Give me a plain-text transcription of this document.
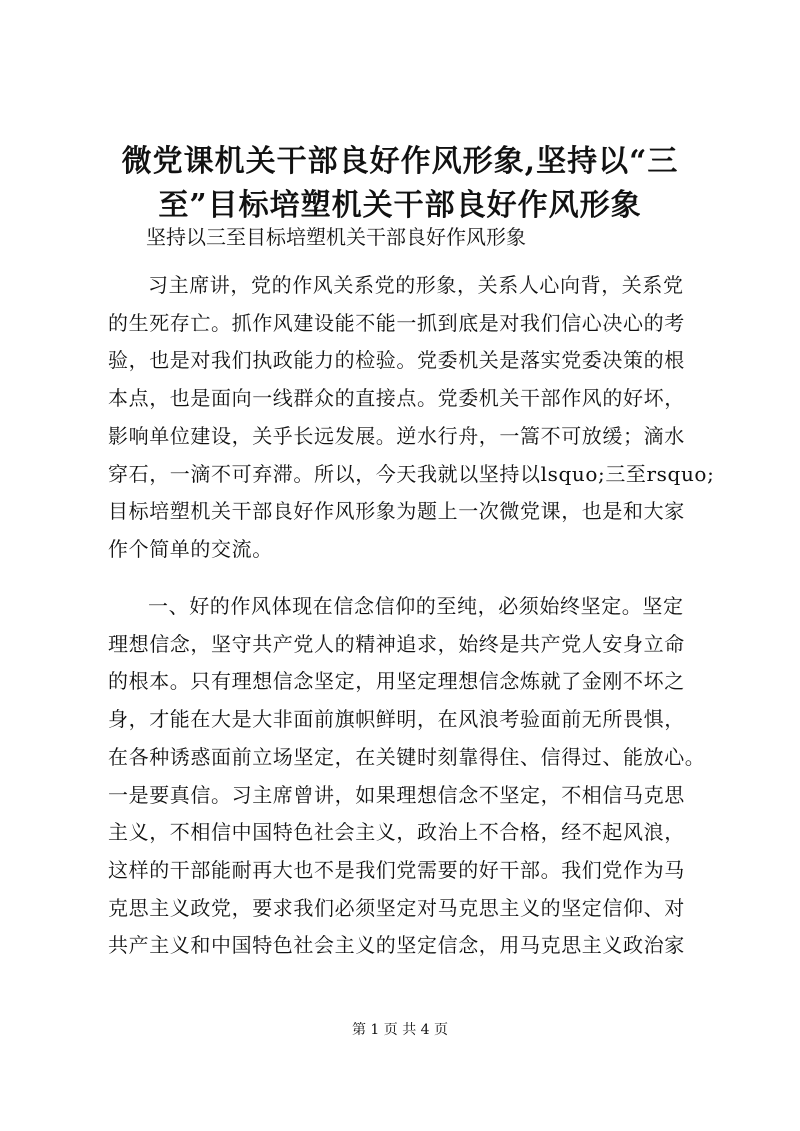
微党课机关干部良好作风形象,坚持以“三
至”目标培塑机关干部良好作风形象

坚持以三至目标培塑机关干部良好作风形象

习主席讲，党的作风关系党的形象，关系人心向背，关系党
的生死存亡。抓作风建设能不能一抓到底是对我们信心决心的考
验，也是对我们执政能力的检验。党委机关是落实党委决策的根
本点，也是面向一线群众的直接点。党委机关干部作风的好坏，
影响单位建设，关乎长远发展。逆水行舟，一篙不可放缓；滴水
穿石，一滴不可弃滞。所以，今天我就以坚持以lsquo;三至rsquo;
目标培塑机关干部良好作风形象为题上一次微党课，也是和大家
作个简单的交流。
一、好的作风体现在信念信仰的至纯，必须始终坚定。坚定
理想信念，坚守共产党人的精神追求，始终是共产党人安身立命
的根本。只有理想信念坚定，用坚定理想信念炼就了金刚不坏之
身，才能在大是大非面前旗帜鲜明，在风浪考验面前无所畏惧，
在各种诱惑面前立场坚定，在关键时刻靠得住、信得过、能放心。
一是要真信。习主席曾讲，如果理想信念不坚定，不相信马克思
主义，不相信中国特色社会主义，政治上不合格，经不起风浪，
这样的干部能耐再大也不是我们党需要的好干部。我们党作为马
克思主义政党，要求我们必须坚定对马克思主义的坚定信仰、对
共产主义和中国特色社会主义的坚定信念，用马克思主义政治家

第 1 页 共 4 页
